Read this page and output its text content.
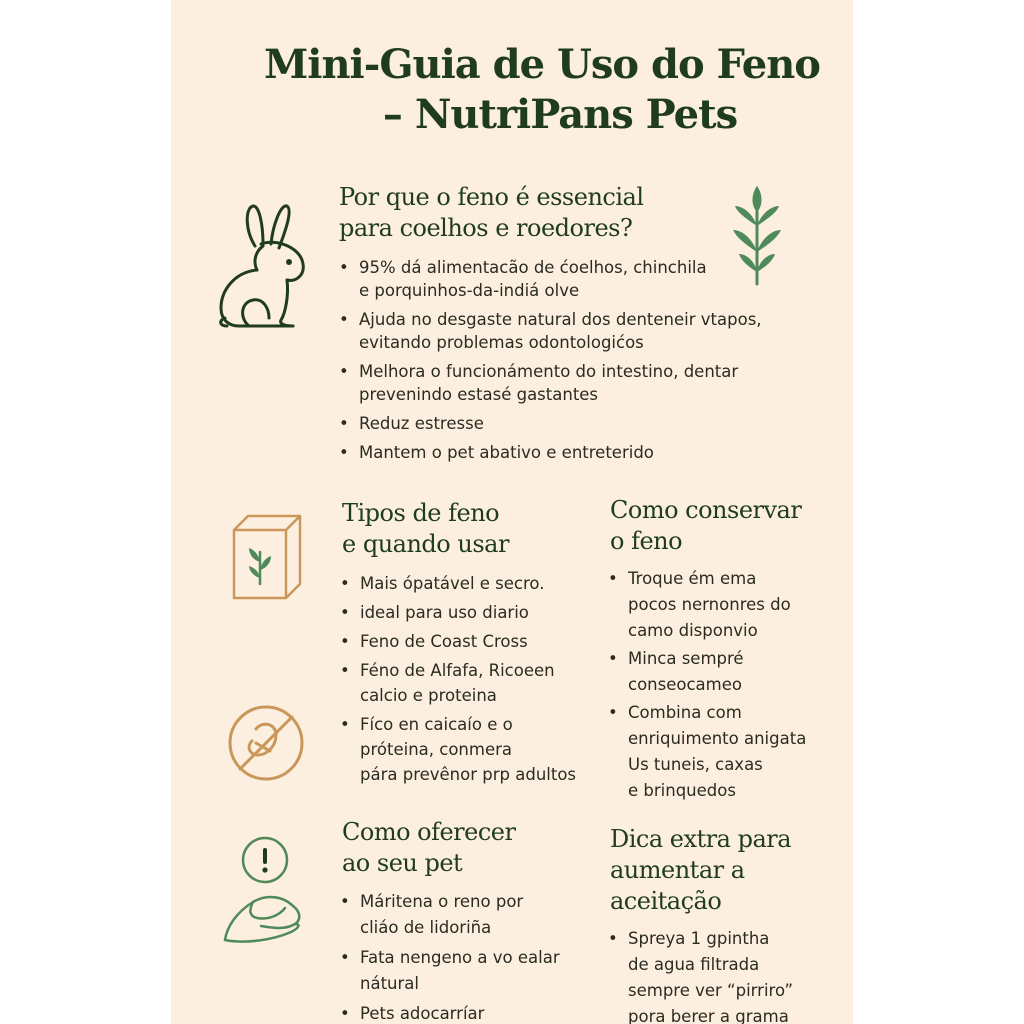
Mini-Guia de Uso do Feno
– NutriPans Pets
Por que o feno é essencial
para coelhos e roedores?
• 95% dá alimentacão de ćoelhos, chinchila
e porquinhos-da-indiá olve
• Ajuda no desgaste natural dos denteneir vtapos,
evitando problemas odontologićos
• Melhora o funcionámento do intestino, dentar
prevenindo estasé gastantes
• Reduz estresse
• Mantem o pet abativo e entreterido
Tipos de feno
e quando usar
• Mais ópatável e secro.
• ideal para uso diario
• Feno de Coast Cross
• Féno de Alfafa, Ricoeen
calcio e proteina
• Fíco en caicaío e o
próteina, conmera
pára prevênor prp adultos
Como conservar
o feno
• Troque ém ema
pocos nernonres do
camo disponvio
• Minca sempré
conseocameo
• Combina com
enriquimento anigata
Us tuneis, caxas
e brinquedos
Como oferecer
ao seu pet
• Máritena o reno por
cliáo de lidoriña
• Fata nengeno a vo ealar
nátural
• Pets adocarríar
Dica extra para
aumentar a
aceitação
• Spreya 1 gpintha
de agua filtrada
sempre ver “pirriro”
pora berer a grama
